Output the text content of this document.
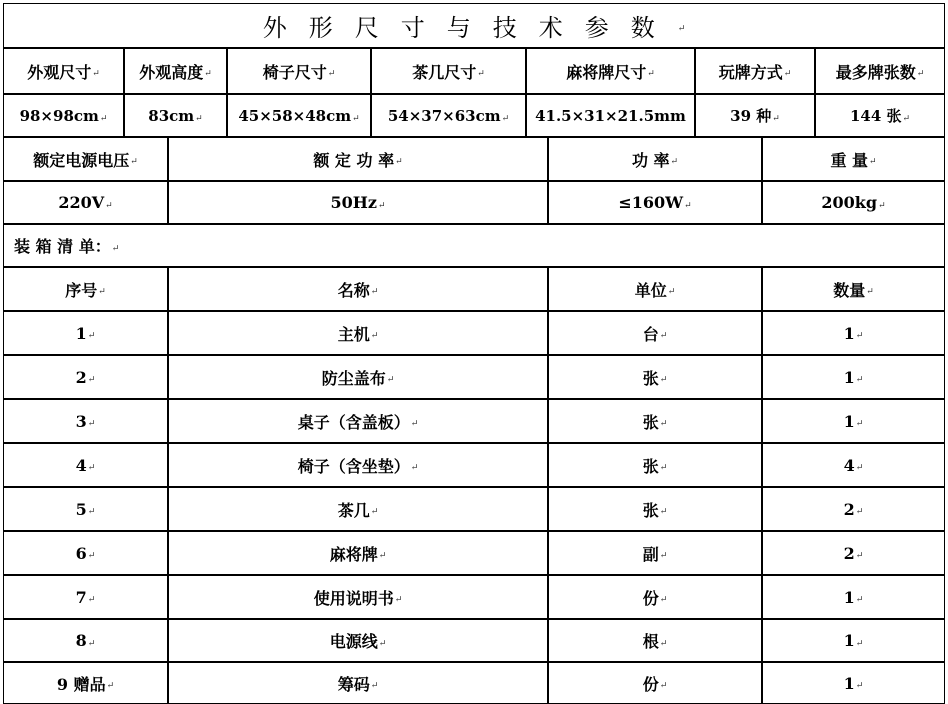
外形尺寸与技术参数 ↵
外观尺寸 ↵ 外观高度 ↵	椅子尺寸 ↵	茶几尺寸 ↵	麻将牌尺寸 ↵	玩牌方式 ↵	最多牌张数 ↵
98×98cm ↵	83cm ↵ 45×58×48cm ↵ 54×37×63cm ↵ 41.5×31×21.5mm	39 种 ↵	144 张 ↵
额定电源电压 ↵	额 定 功 率 ↵	功 率 ↵	重 量 ↵
220V ↵	50Hz ↵	≤160W ↵	200kg ↵
装 箱 清 单： ↵
序号 ↵	名称 ↵	单位 ↵	数量 ↵
1 ↵	主机 ↵	台 ↵	1 ↵
2 ↵	防尘盖布 ↵	张 ↵	1 ↵
3 ↵	桌子（含盖板） ↵	张 ↵	1 ↵
4 ↵	椅子（含坐垫） ↵	张 ↵	4 ↵
5 ↵	茶几 ↵	张 ↵	2 ↵
6 ↵	麻将牌 ↵	副 ↵	2 ↵
7 ↵	使用说明书 ↵	份 ↵	1 ↵
8 ↵	电源线 ↵	根 ↵	1 ↵
9 赠品 ↵	筹码 ↵	份 ↵	1 ↵
